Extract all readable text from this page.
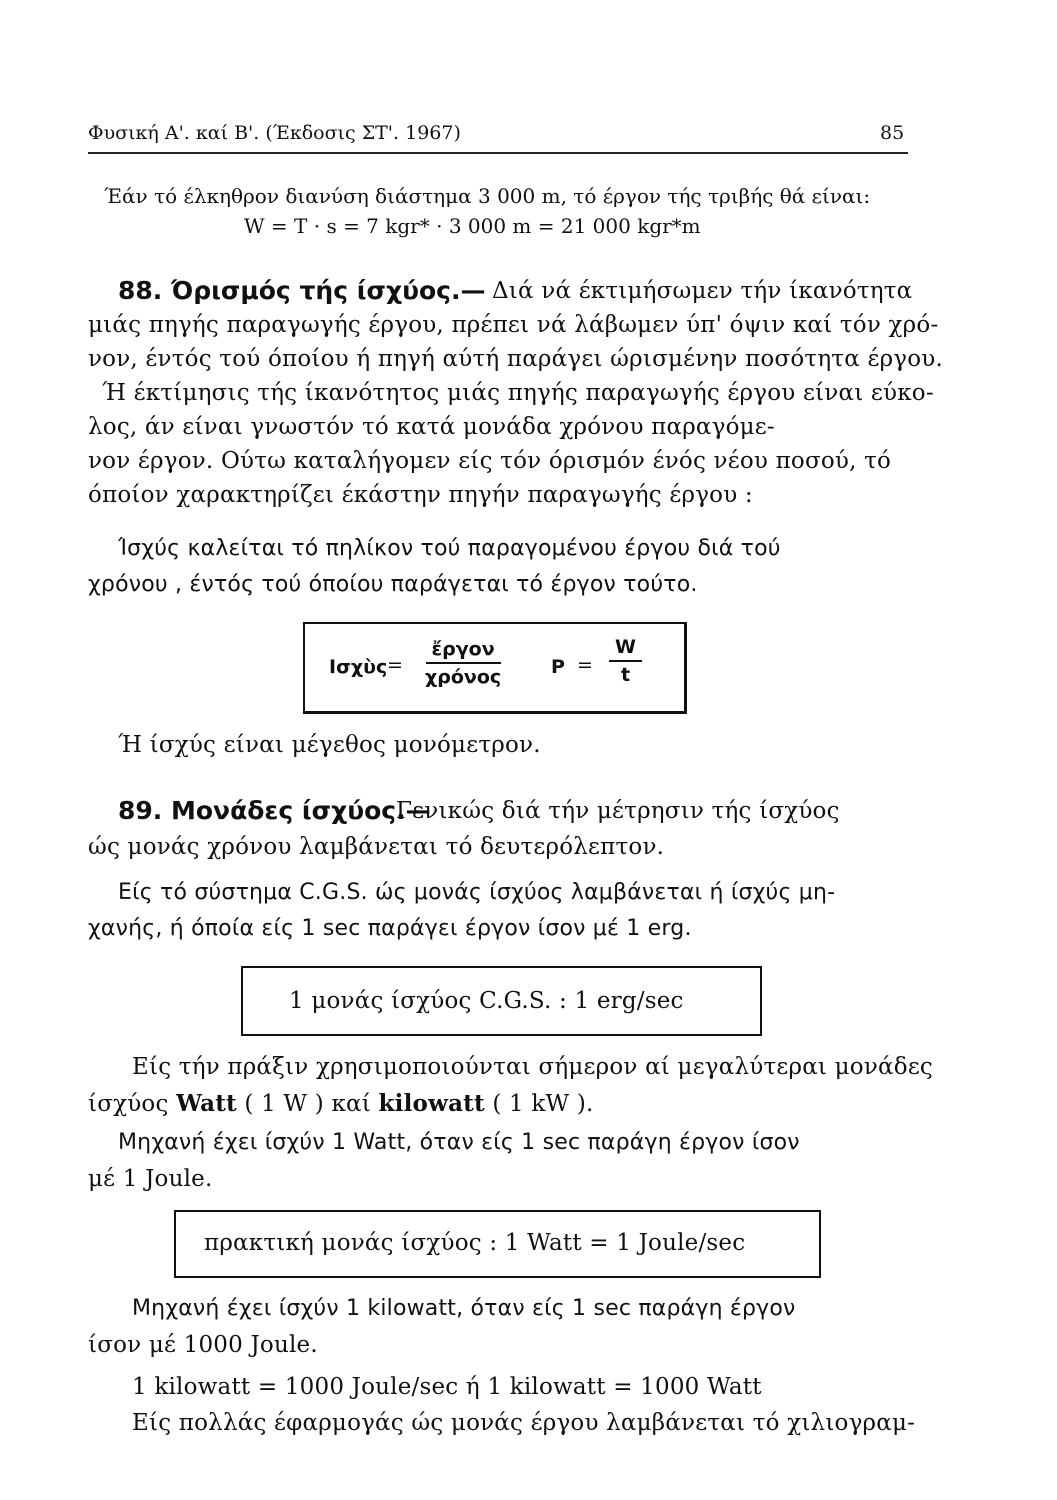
Φυσική Α'. καί Β'. (Έκδοσις ΣΤ'. 1967)	85
Έάν τό έλκηθρον διανύση διάστημα 3 000 m, τό έργον τής τριβής θά είναι:
W = T · s = 7 kgr* · 3 000 m = 21 000 kgr*m
88. Όρισμός τής ίσχύος.— Διά νά έκτιμήσωμεν τήν ίκανότητα
μιάς πηγής παραγωγής έργου, πρέπει νά λάβωμεν ύπ' όψιν καί τόν χρό-
νον, έντός τού όποίου ή πηγή αύτή παράγει ώρισμένην ποσότητα έργου.
Ή έκτίμησις τής ίκανότητος μιάς πηγής παραγωγής έργου είναι εύκο-
λος, άν είναι γνωστόν τό κατά μονάδα χρόνου παραγόμε-
νον έργον. Ούτω καταλήγομεν είς τόν όρισμόν ένός νέου ποσού, τό
όποίον χαρακτηρίζει έκάστην πηγήν παραγωγής έργου :
Ίσχύς καλείται τό πηλίκον τού παραγομένου έργου διά τού
χρόνου , έντός τού όποίου παράγεται τό έργον τούτο.
Ισχὺς =
ἔργον
χρόνος	$P = \frac{W}{t}$
Ή ίσχύς είναι μέγεθος μονόμετρον.
89. Μονάδες ίσχύος.—
Γενικώς διά τήν μέτρησιν τής ίσχύος
ώς μονάς χρόνου λαμβάνεται τό δευτερόλεπτον.
Είς τό σύστημα C.G.S. ώς μονάς ίσχύος λαμβάνεται ή ίσχύς μη-
χανής, ή όποία είς 1 sec παράγει έργον ίσον μέ 1 erg.
1 μονάς ίσχύος C.G.S. : 1 erg/sec
Είς τήν πράξιν χρησιμοποιούνται σήμερον αί μεγαλύτεραι μονάδες
ίσχύος Watt ( 1 W ) καί kilowatt ( 1 kW ).
Μηχανή έχει ίσχύν 1 Watt, όταν είς 1 sec παράγη έργον ίσον
μέ 1 Joule.
πρακτική μονάς ίσχύος : 1 Watt = 1 Joule/sec
Μηχανή έχει ίσχύν 1 kilowatt, όταν είς 1 sec παράγη έργον
ίσον μέ 1000 Joule.
1 kilowatt = 1000 Joule/sec ή 1 kilowatt = 1000 Watt
Είς πολλάς έφαρμογάς ώς μονάς έργου λαμβάνεται τό χιλιογραμ-
